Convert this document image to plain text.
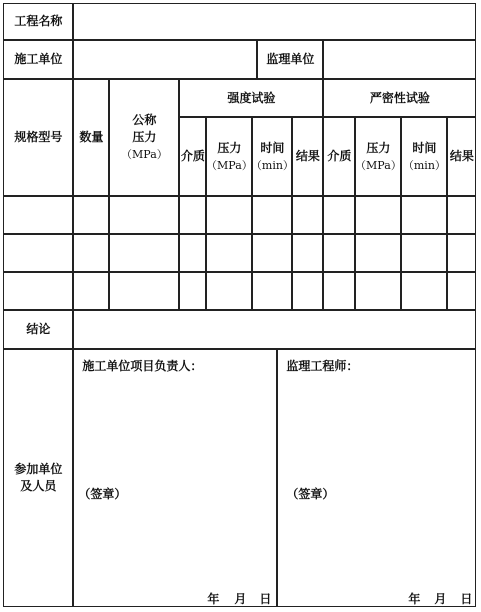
工程名称
施工单位	监理单位
规格型号 数量
公称
压力
（MPa）
强度试验	严密性试验
介质
压力
（MPa）
时间
（min）
结果 介质
压力
（MPa）
时间
（min）
结果
结论
参加单位
及人员
施工单位项目负责人：
（签章）
年 月 日
监理工程师：
（签章）
年 月 日
